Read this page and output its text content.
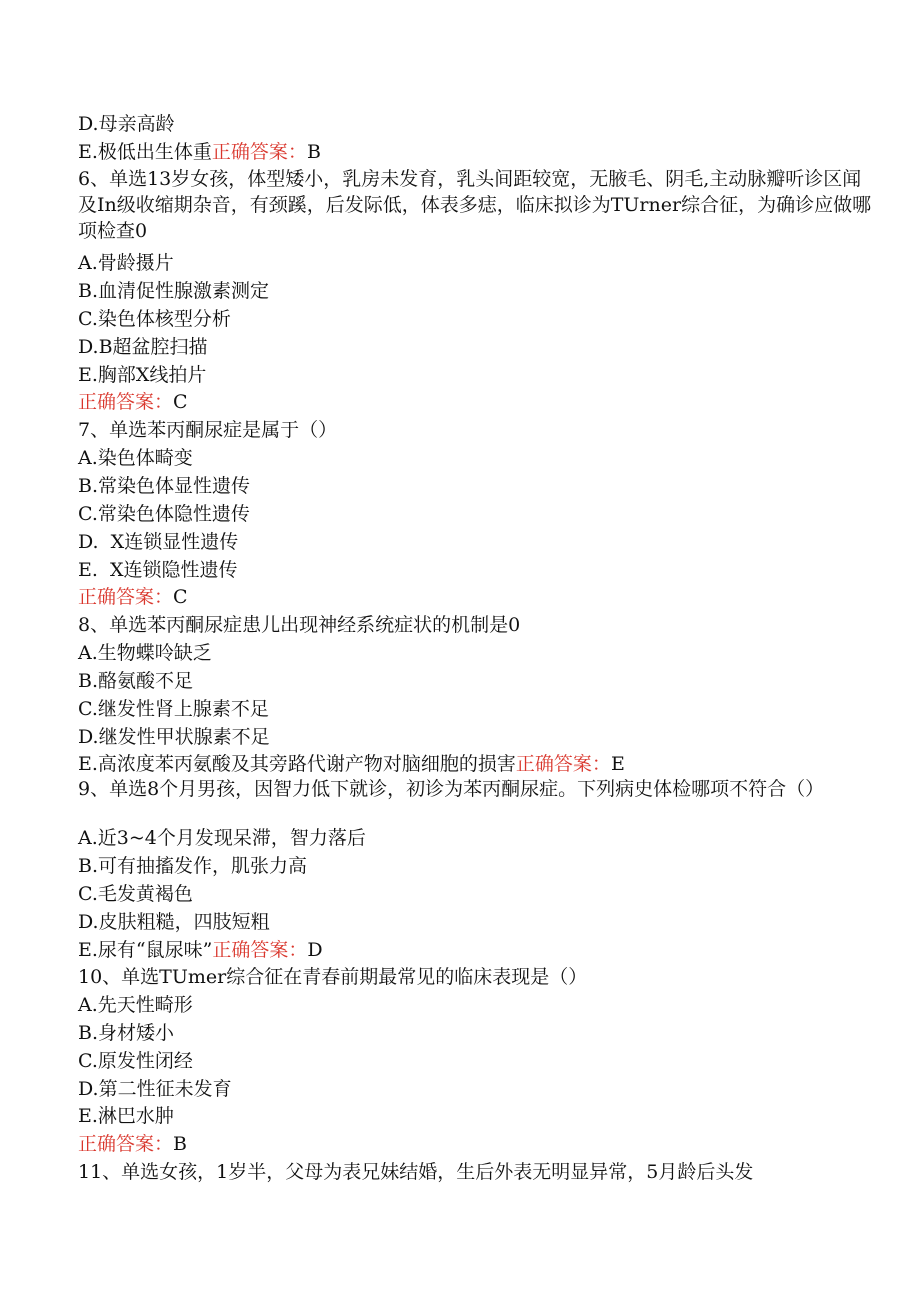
D.母亲高龄
E.极低出生体重正确答案：B
6、单选13岁女孩，体型矮小，乳房未发育，乳头间距较宽，无腋毛、阴毛,主动脉瓣听诊区闻及In级收缩期杂音，有颈蹊，后发际低，体表多痣，临床拟诊为TUrner综合征，为确诊应做哪项检查0
A.骨龄摄片
B.血清促性腺激素测定
C.染色体核型分析
D.B超盆腔扫描
E.胸部X线拍片
正确答案：C
7、单选苯丙酮尿症是属于（）
A.染色体畸变
B.常染色体显性遗传
C.常染色体隐性遗传
D.  X连锁显性遗传
E.  X连锁隐性遗传
正确答案：C
8、单选苯丙酮尿症患儿出现神经系统症状的机制是0
A.生物蝶呤缺乏
B.酪氨酸不足
C.继发性肾上腺素不足
D.继发性甲状腺素不足
E.高浓度苯丙氨酸及其旁路代谢产物对脑细胞的损害正确答案：E
9、单选8个月男孩，因智力低下就诊，初诊为苯丙酮尿症。下列病史体检哪项不符合（）
A.近3~4个月发现呆滞，智力落后
B.可有抽搐发作，肌张力高
C.毛发黄褐色
D.皮肤粗糙，四肢短粗
E.尿有“鼠尿味”正确答案：D
10、单选TUmer综合征在青春前期最常见的临床表现是（）
A.先天性畸形
B.身材矮小
C.原发性闭经
D.第二性征未发育
E.淋巴水肿
正确答案：B
11、单选女孩，1岁半，父母为表兄妹结婚，生后外表无明显异常，5月龄后头发
